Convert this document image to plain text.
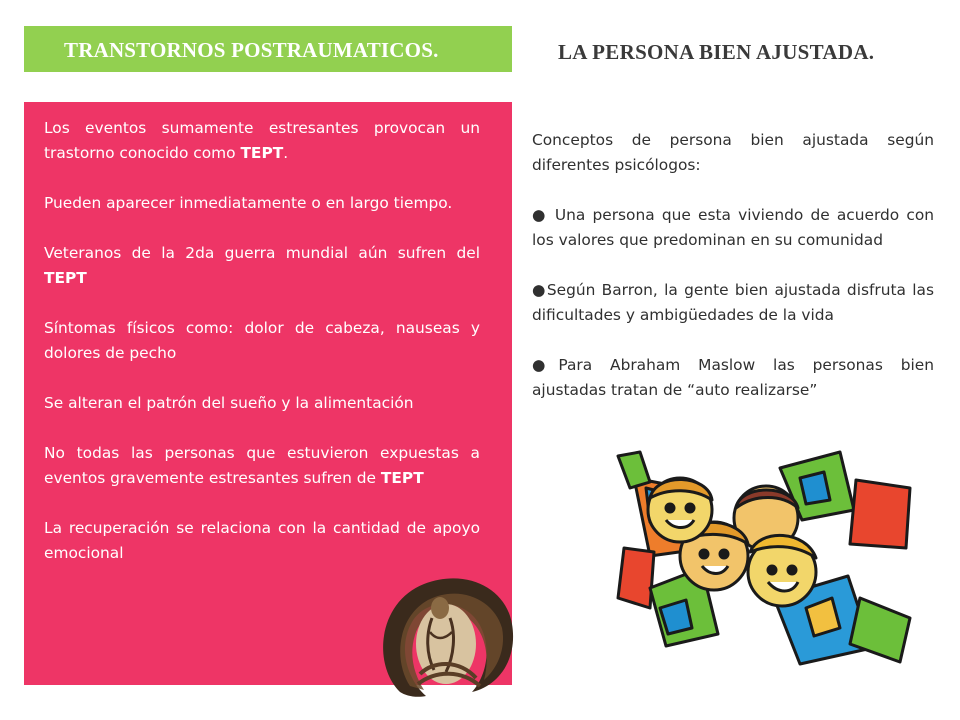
TRANSTORNOS POSTRAUMATICOS.	LA PERSONA BIEN AJUSTADA.

Los eventos sumamente estresantes provocan un trastorno conocido como TEPT.

Pueden aparecer inmediatamente o en largo tiempo.

Veteranos de la 2da guerra mundial aún sufren del TEPT

Síntomas físicos como: dolor de cabeza, nauseas y dolores de pecho

Se alteran el patrón del sueño y la alimentación

No todas las personas que estuvieron expuestas a eventos gravemente estresantes sufren de TEPT

La recuperación se relaciona con la cantidad de apoyo emocional

Conceptos de persona bien ajustada según diferentes psicólogos:

● Una persona que esta viviendo de acuerdo con los valores que predominan en su comunidad

●Según Barron, la gente bien ajustada disfruta las dificultades y ambigüedades de la vida

●Para Abraham Maslow las personas bien ajustadas tratan de “auto realizarse”
